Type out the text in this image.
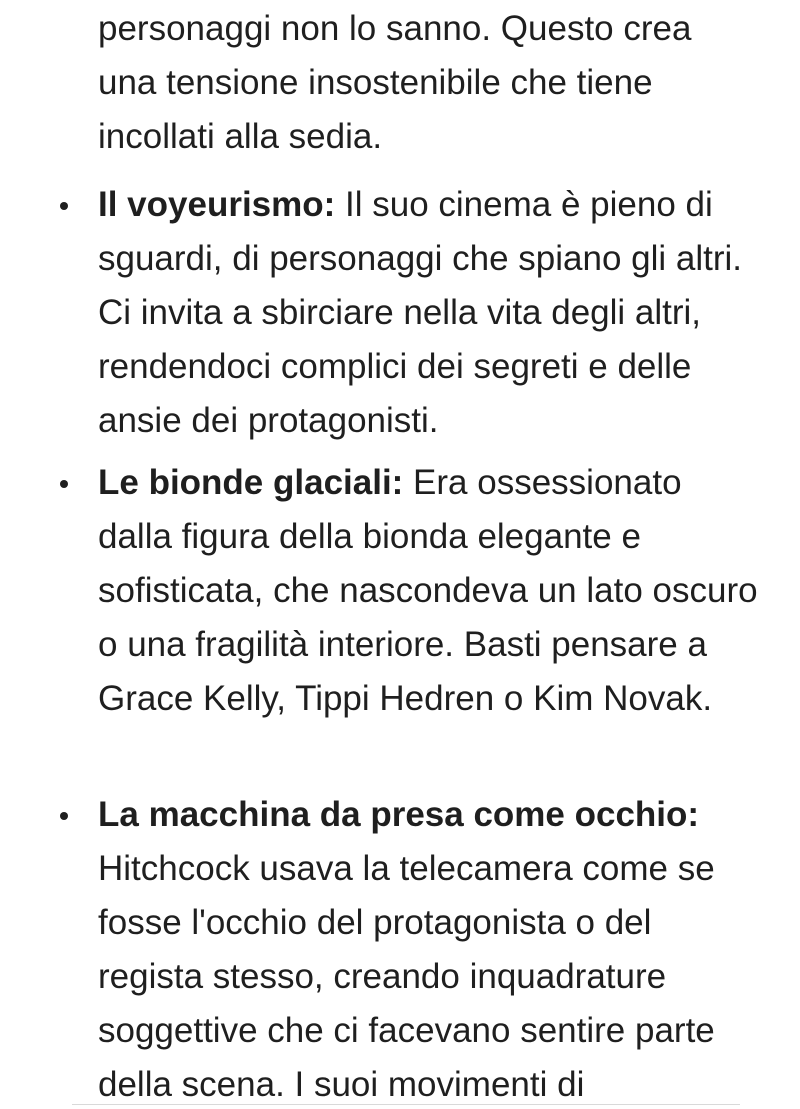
personaggi non lo sanno. Questo crea una tensione insostenibile che tiene incollati alla sedia.

Il voyeurismo: Il suo cinema è pieno di sguardi, di personaggi che spiano gli altri. Ci invita a sbirciare nella vita degli altri, rendendoci complici dei segreti e delle ansie dei protagonisti.
Le bionde glaciali: Era ossessionato dalla figura della bionda elegante e sofisticata, che nascondeva un lato oscuro o una fragilità interiore. Basti pensare a Grace Kelly, Tippi Hedren o Kim Novak.
La macchina da presa come occhio: Hitchcock usava la telecamera come se fosse l'occhio del protagonista o del regista stesso, creando inquadrature soggettive che ci facevano sentire parte della scena. I suoi movimenti di
